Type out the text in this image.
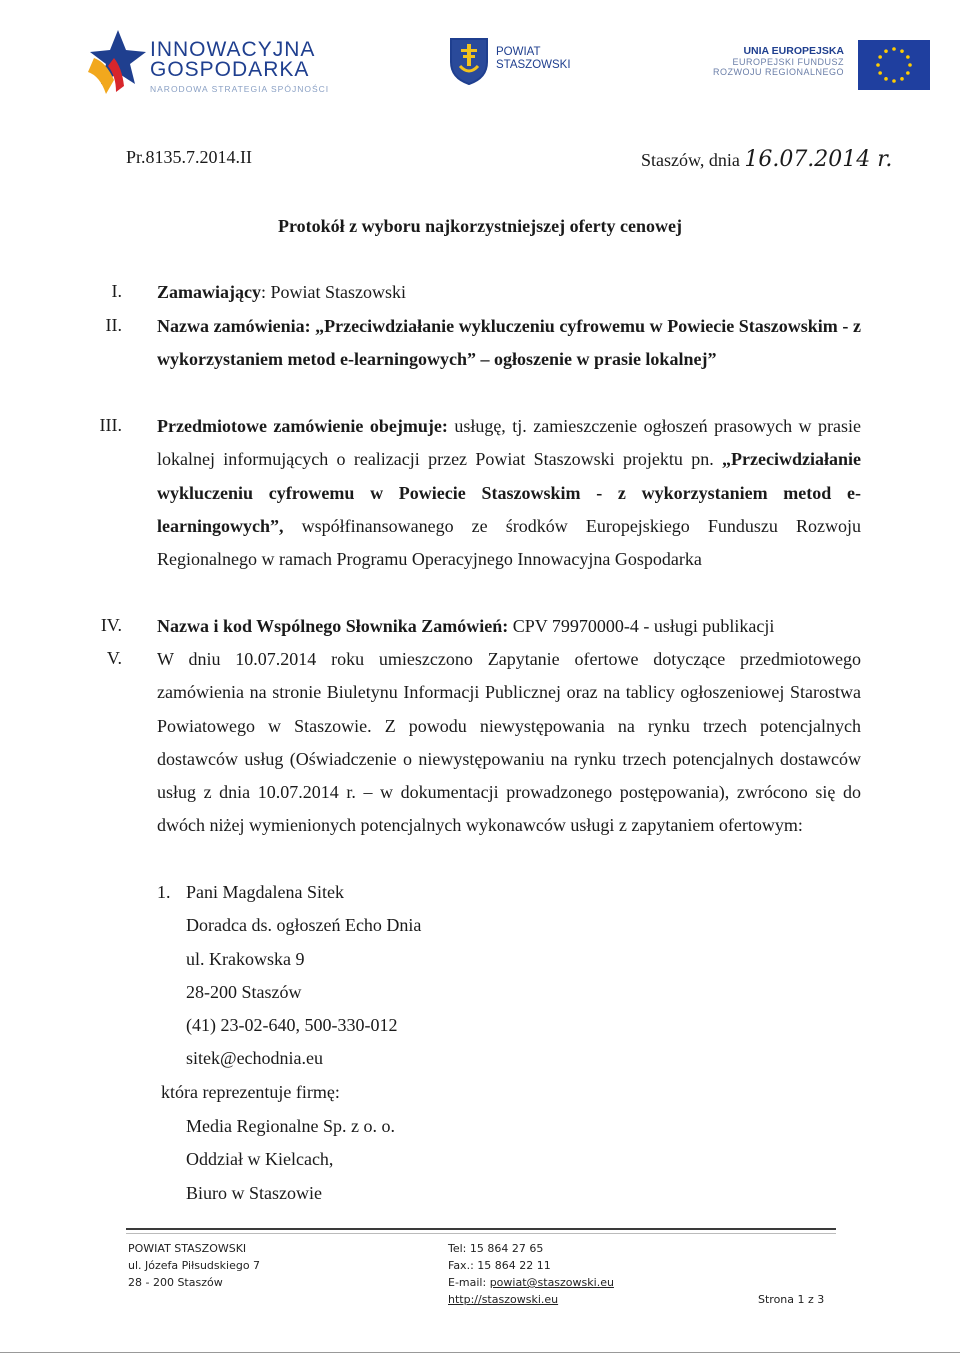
INNOWACYJNA
GOSPODARKA
NARODOWA STRATEGIA SPÓJNOŚCI
POWIAT
STASZOWSKI
UNIA EUROPEJSKA
EUROPEJSKI FUNDUSZ
ROZWOJU REGIONALNEGO
Pr.8135.7.2014.II	Staszów, dnia 16.07.2014 r.
Protokół z wyboru najkorzystniejszej oferty cenowej
I. Zamawiający: Powiat Staszowski
II. Nazwa zamówienia: „Przeciwdziałanie wykluczeniu cyfrowemu w Powiecie Staszowskim - z wykorzystaniem metod e-learningowych” – ogłoszenie w prasie lokalnej”
III. Przedmiotowe zamówienie obejmuje: usługę, tj. zamieszczenie ogłoszeń prasowych w prasie lokalnej informujących o realizacji przez Powiat Staszowski projektu pn. „Przeciwdziałanie wykluczeniu cyfrowemu w Powiecie Staszowskim - z wykorzystaniem metod e-learningowych”, współfinansowanego ze środków Europejskiego Funduszu Rozwoju Regionalnego w ramach Programu Operacyjnego Innowacyjna Gospodarka
IV. Nazwa i kod Wspólnego Słownika Zamówień: CPV 79970000-4 - usługi publikacji
V. W dniu 10.07.2014 roku umieszczono Zapytanie ofertowe dotyczące przedmiotowego zamówienia na stronie Biuletynu Informacji Publicznej oraz na tablicy ogłoszeniowej Starostwa Powiatowego w Staszowie. Z powodu niewystępowania na rynku trzech potencjalnych dostawców usług (Oświadczenie o niewystępowaniu na rynku trzech potencjalnych dostawców usług z dnia 10.07.2014 r. – w dokumentacji prowadzonego postępowania), zwrócono się do dwóch niżej wymienionych potencjalnych wykonawców usługi z zapytaniem ofertowym:
1. Pani Magdalena Sitek
Doradca ds. ogłoszeń Echo Dnia
ul. Krakowska 9
28-200 Staszów
(41) 23-02-640, 500-330-012
sitek@echodnia.eu
która reprezentuje firmę:
Media Regionalne Sp. z o. o.
Oddział w Kielcach,
Biuro w Staszowie
POWIAT STASZOWSKI
ul. Józefa Piłsudskiego 7
28 - 200 Staszów
Tel: 15 864 27 65
Fax.: 15 864 22 11
E-mail: powiat@staszowski.eu
http://staszowski.eu	Strona 1 z 3
